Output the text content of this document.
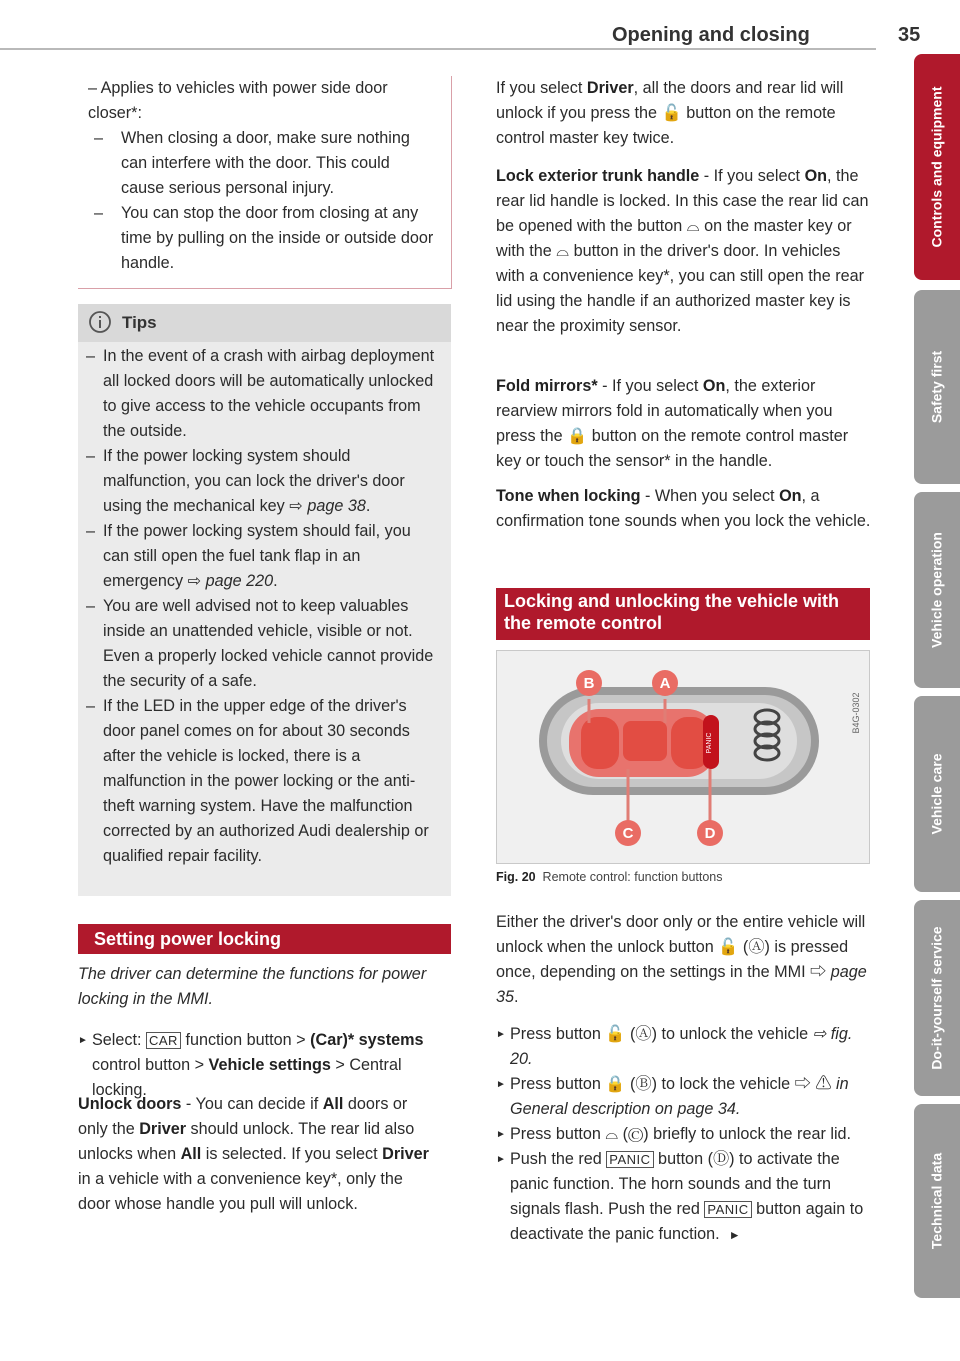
Opening and closing	35
Controls and equipment
Safety first
Vehicle operation
Vehicle care
Do-it-yourself service
Technical data
– Applies to vehicles with power side door closer*:
– When closing a door, make sure nothing can interfere with the door. This could cause serious personal injury.
– You can stop the door from closing at any time by pulling on the inside or outside door handle.
Tips
– In the event of a crash with airbag deployment all locked doors will be automatically unlocked to give access to the vehicle occupants from the outside.
– If the power locking system should malfunction, you can lock the driver's door using the mechanical key ⇨ page 38.
– If the power locking system should fail, you can still open the fuel tank flap in an emergency ⇨ page 220.
– You are well advised not to keep valuables inside an unattended vehicle, visible or not. Even a properly locked vehicle cannot provide the security of a safe.
– If the LED in the upper edge of the driver's door panel comes on for about 30 seconds after the vehicle is locked, there is a malfunction in the power locking or the anti-theft warning system. Have the malfunction corrected by an authorized Audi dealership or qualified repair facility.
Setting power locking
The driver can determine the functions for power locking in the MMI.
► Select: CAR function button > (Car)* systems control button > Vehicle settings > Central locking.

Unlock doors - You can decide if All doors or only the Driver should unlock. The rear lid also unlocks when All is selected. If you select Driver in a vehicle with a convenience key*, only the door whose handle you pull will unlock.

If you select Driver, all the doors and rear lid will unlock if you press the 🔓 button on the remote control master key twice.

Lock exterior trunk handle - If you select On, the rear lid handle is locked. In this case the rear lid can be opened with the button ⌓ on the master key or with the ⌓ button in the driver's door. In vehicles with a convenience key*, you can still open the rear lid using the handle if an authorized master key is near the proximity sensor.

Fold mirrors* - If you select On, the exterior rearview mirrors fold in automatically when you press the 🔒 button on the remote control master key or touch the sensor* in the handle.

Tone when locking - When you select On, a confirmation tone sounds when you lock the vehicle.

Locking and unlocking the vehicle with the remote control
PANIC
B	A
C	D
B4G-0302
Fig. 20 Remote control: function buttons

Either the driver's door only or the entire vehicle will unlock when the unlock button 🔓 (Ⓐ) is pressed once, depending on the settings in the MMI ⇨ page 35.

► Press button 🔓 (Ⓐ) to unlock the vehicle ⇨ fig. 20.
► Press button 🔒 (Ⓑ) to lock the vehicle ⇨ ⚠ in General description on page 34.
► Press button ⌓ (Ⓒ) briefly to unlock the rear lid.
► Push the red PANIC button (Ⓓ) to activate the panic function. The horn sounds and the turn signals flash. Push the red PANIC button again to deactivate the panic function. ►
